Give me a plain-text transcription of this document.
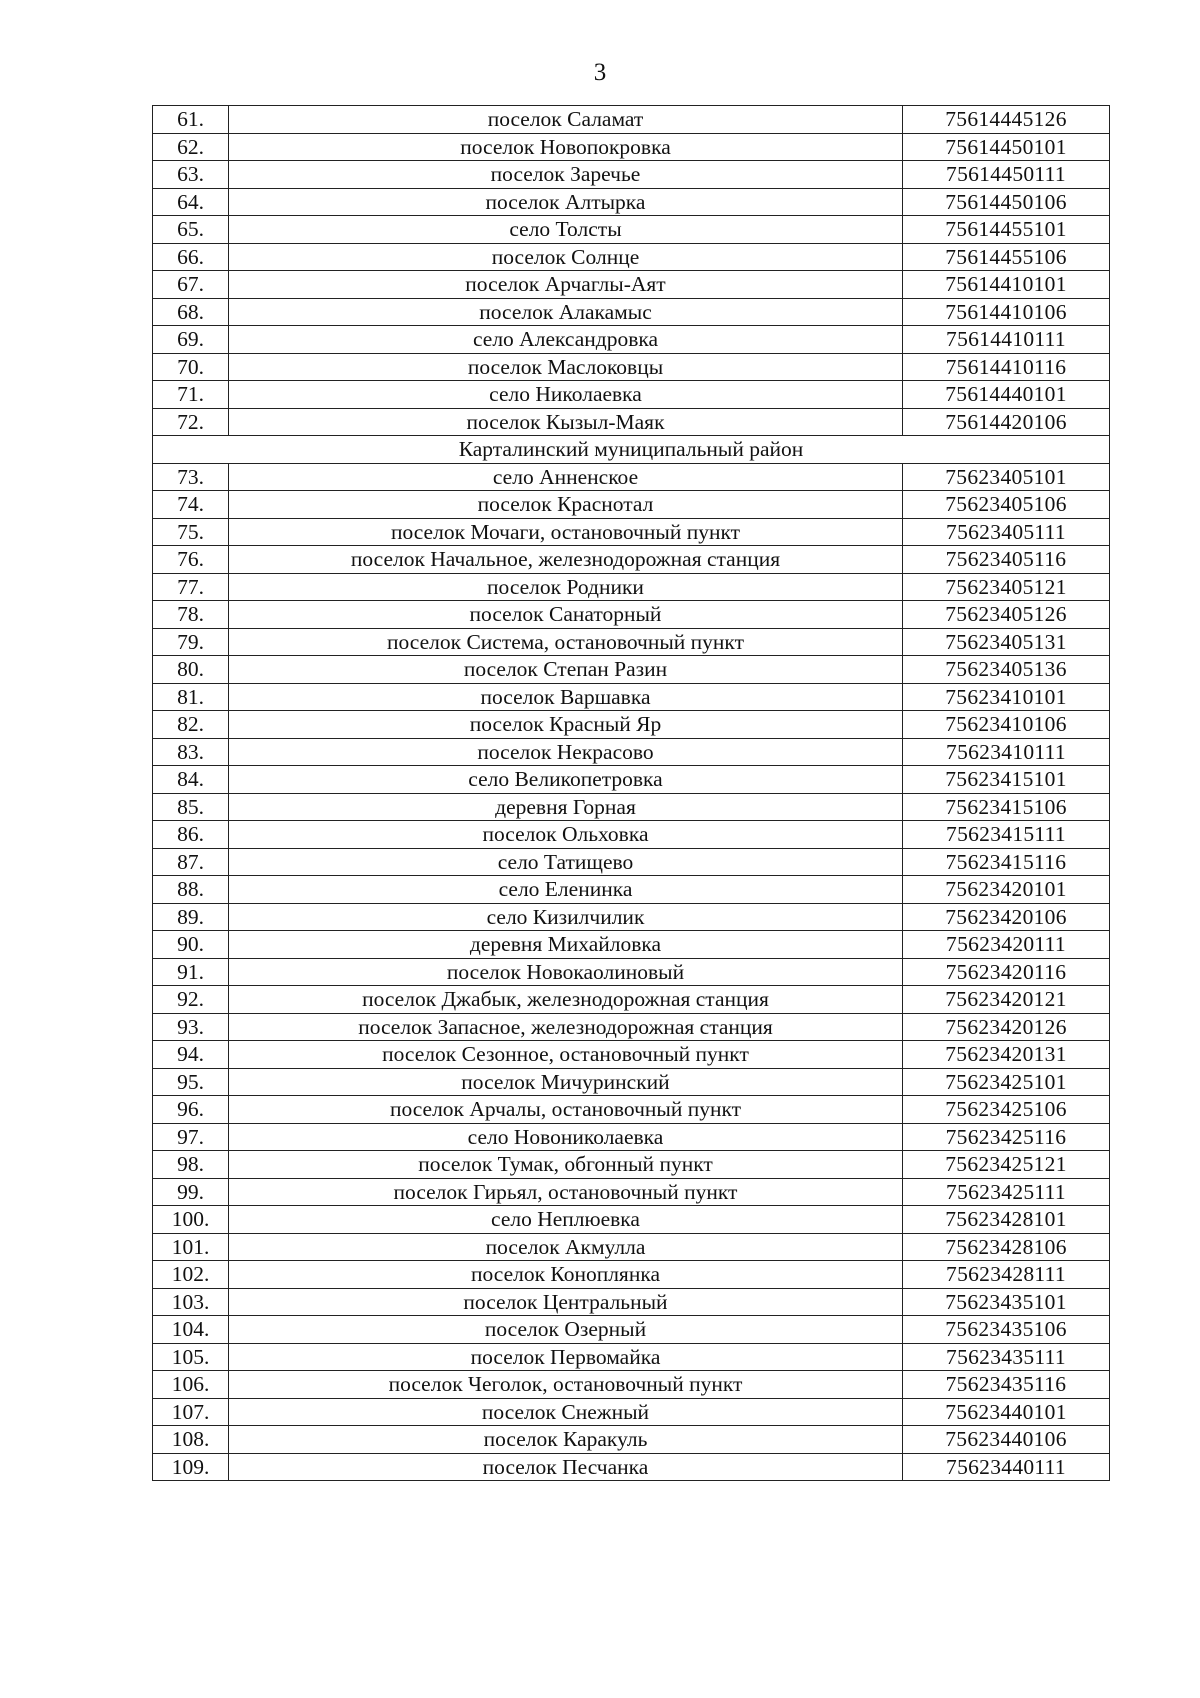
3
61.	поселок Саламат	75614445126
62.	поселок Новопокровка	75614450101
63.	поселок Заречье	75614450111
64.	поселок Алтырка	75614450106
65.	село Толсты	75614455101
66.	поселок Солнце	75614455106
67.	поселок Арчаглы-Аят	75614410101
68.	поселок Алакамыс	75614410106
69.	село Александровка	75614410111
70.	поселок Маслоковцы	75614410116
71.	село Николаевка	75614440101
72.	поселок Кызыл-Маяк	75614420106
Карталинский муниципальный район		
73.	село Анненское	75623405101
74.	поселок Краснотал	75623405106
75.	поселок Мочаги, остановочный пункт	75623405111
76.	поселок Начальное, железнодорожная станция	75623405116
77.	поселок Родники	75623405121
78.	поселок Санаторный	75623405126
79.	поселок Система, остановочный пункт	75623405131
80.	поселок Степан Разин	75623405136
81.	поселок Варшавка	75623410101
82.	поселок Красный Яр	75623410106
83.	поселок Некрасово	75623410111
84.	село Великопетровка	75623415101
85.	деревня Горная	75623415106
86.	поселок Ольховка	75623415111
87.	село Татищево	75623415116
88.	село Еленинка	75623420101
89.	село Кизилчилик	75623420106
90.	деревня Михайловка	75623420111
91.	поселок Новокаолиновый	75623420116
92.	поселок Джабык, железнодорожная станция	75623420121
93.	поселок Запасное, железнодорожная станция	75623420126
94.	поселок Сезонное, остановочный пункт	75623420131
95.	поселок Мичуринский	75623425101
96.	поселок Арчалы, остановочный пункт	75623425106
97.	село Новониколаевка	75623425116
98.	поселок Тумак, обгонный пункт	75623425121
99.	поселок Гирьял, остановочный пункт	75623425111
100.	село Неплюевка	75623428101
101.	поселок Акмулла	75623428106
102.	поселок Коноплянка	75623428111
103.	поселок Центральный	75623435101
104.	поселок Озерный	75623435106
105.	поселок Первомайка	75623435111
106.	поселок Чеголок, остановочный пункт	75623435116
107.	поселок Снежный	75623440101
108.	поселок Каракуль	75623440106
109.	поселок Песчанка	75623440111
